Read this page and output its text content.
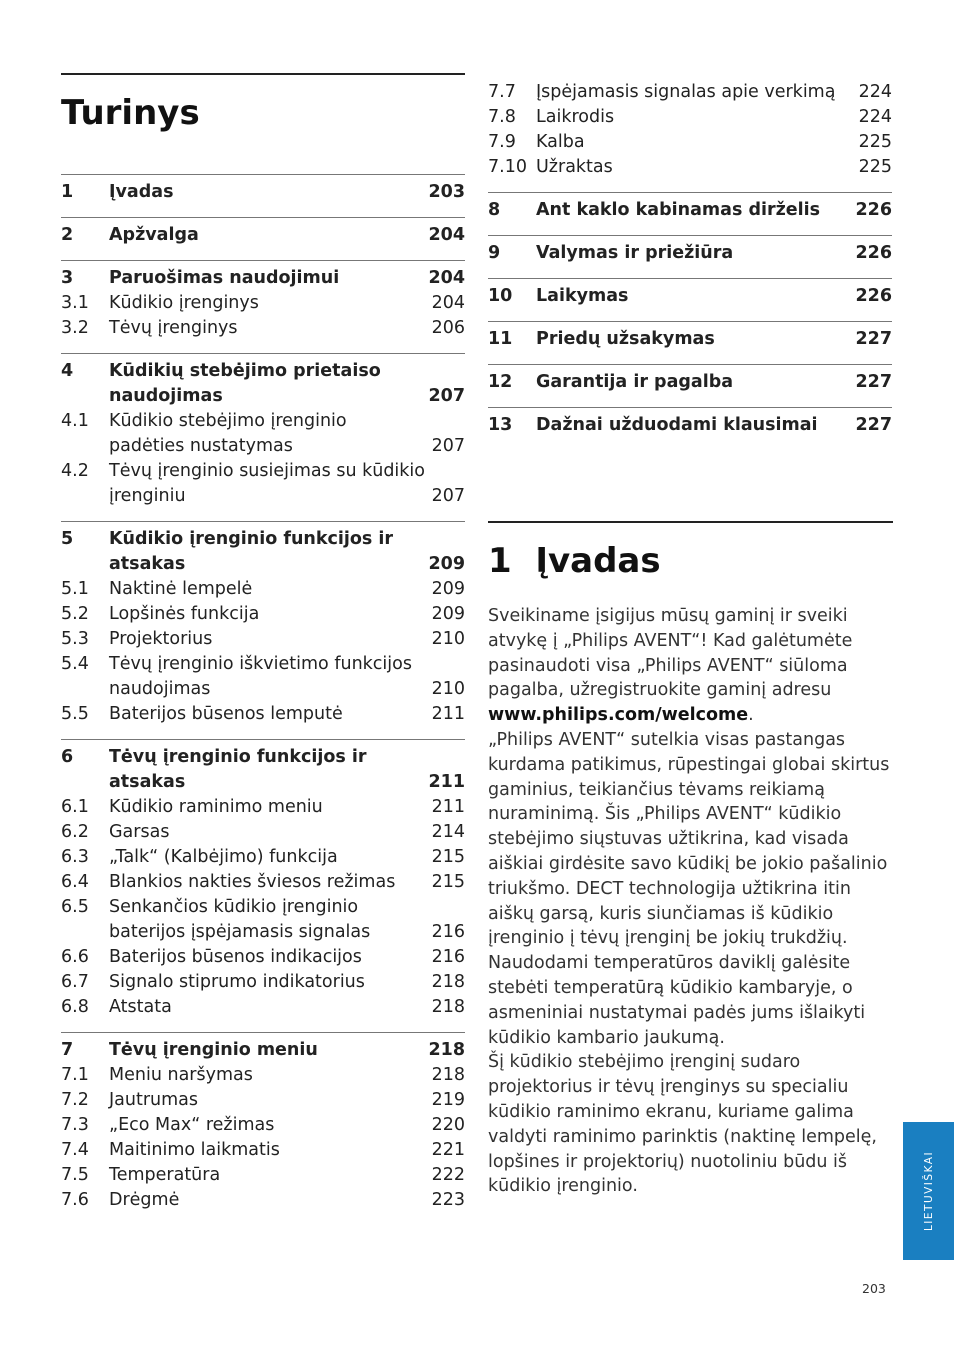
Turinys
1	Įvadas	203
2	Apžvalga	204
3	Paruošimas naudojimui	204
3.1	Kūdikio įrenginys	204
3.2	Tėvų įrenginys	206
4	Kūdikių stebėjimo prietaiso naudojimas	207
4.1	Kūdikio stebėjimo įrenginio padėties nustatymas	207
4.2	Tėvų įrenginio susiejimas su kūdikio įrenginiu	207
5	Kūdikio įrenginio funkcijos ir atsakas	209
5.1	Naktinė lempelė	209
5.2	Lopšinės funkcija	209
5.3	Projektorius	210
5.4	Tėvų įrenginio iškvietimo funkcijos naudojimas	210
5.5	Baterijos būsenos lemputė	211
6	Tėvų įrenginio funkcijos ir atsakas	211
6.1	Kūdikio raminimo meniu	211
6.2	Garsas	214
6.3	„Talk“ (Kalbėjimo) funkcija	215
6.4	Blankios nakties šviesos režimas	215
6.5	Senkančios kūdikio įrenginio baterijos įspėjamasis signalas	216
6.6	Baterijos būsenos indikacijos	216
6.7	Signalo stiprumo indikatorius	218
6.8	Atstata	218
7	Tėvų įrenginio meniu	218
7.1	Meniu naršymas	218
7.2	Jautrumas	219
7.3	„Eco Max“ režimas	220
7.4	Maitinimo laikmatis	221
7.5	Temperatūra	222
7.6	Drėgmė	223
7.7	Įspėjamasis signalas apie verkimą	224
7.8	Laikrodis	224
7.9	Kalba	225
7.10 Užraktas	225
8	Ant kaklo kabinamas dirželis	226
9	Valymas ir priežiūra	226
10	Laikymas	226
11	Priedų užsakymas	227
12	Garantija ir pagalba	227
13	Dažnai užduodami klausimai	227
1  Įvadas

Sveikiname įsigijus mūsų gaminį ir sveiki atvykę į „Philips AVENT“! Kad galėtumėte pasinaudoti visa „Philips AVENT“ siūloma pagalba, užregistruokite gaminį adresu www.philips.com/welcome.

„Philips AVENT“ sutelkia visas pastangas kurdama patikimus, rūpestingai globai skirtus gaminius, teikiančius tėvams reikiamą nuraminimą. Šis „Philips AVENT“ kūdikio stebėjimo siųstuvas užtikrina, kad visada aiškiai girdėsite savo kūdikį be jokio pašalinio triukšmo. DECT technologija užtikrina itin aiškų garsą, kuris siunčiamas iš kūdikio įrenginio į tėvų įrenginį be jokių trukdžių.

Naudodami temperatūros daviklį galėsite stebėti temperatūrą kūdikio kambaryje, o asmeniniai nustatymai padės jums išlaikyti kūdikio kambario jaukumą.

Šį kūdikio stebėjimo įrenginį sudaro projektorius ir tėvų įrenginys su specialiu kūdikio raminimo ekranu, kuriame galima valdyti raminimo parinktis (naktinę lempelę, lopšines ir projektorių) nuotoliniu būdu iš kūdikio įrenginio.	LIETUVIŠKAI
203
